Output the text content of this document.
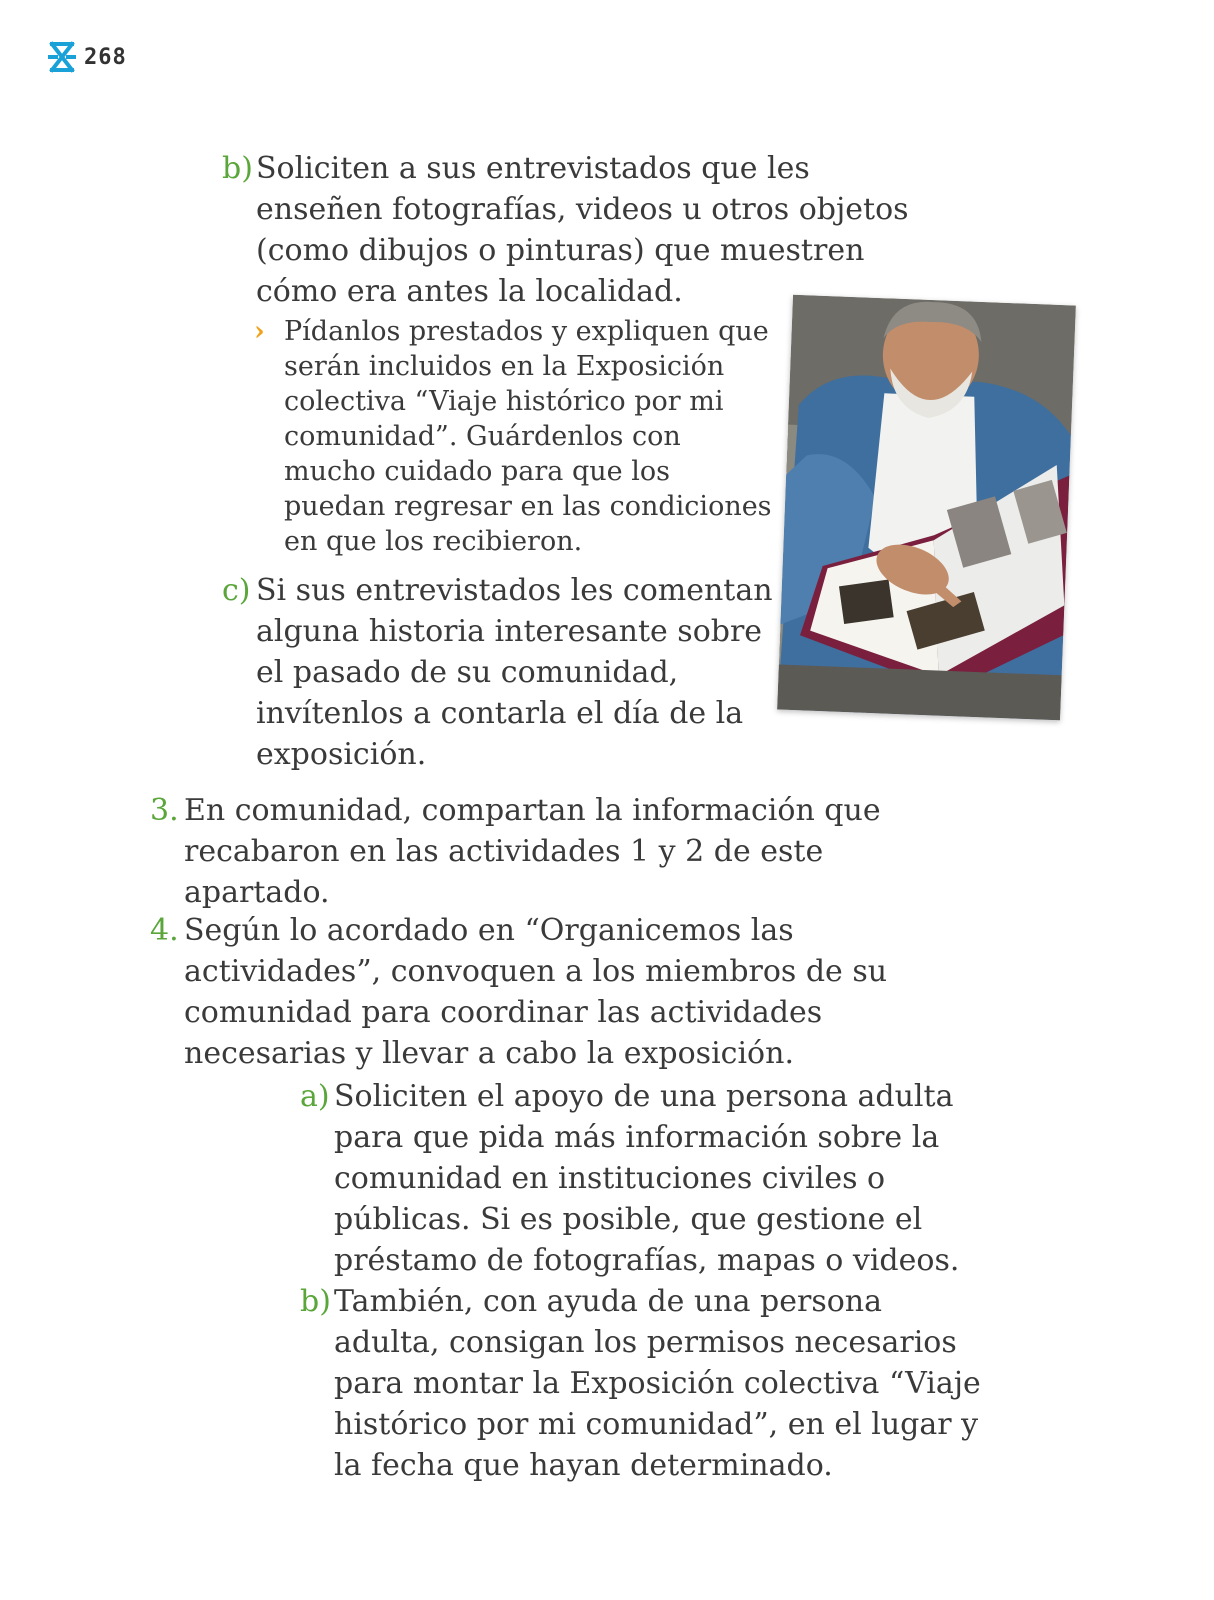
268
b) Soliciten a sus entrevistados que les enseñen fotografías, videos u otros objetos (como dibujos o pinturas) que muestren cómo era antes la localidad.

› Pídanlos prestados y expliquen que serán incluidos en la Exposición colectiva “Viaje histórico por mi comunidad”. Guárdenlos con mucho cuidado para que los puedan regresar en las condiciones en que los recibieron.

c) Si sus entrevistados les comentan alguna historia interesante sobre el pasado de su comunidad, invítenlos a contarla el día de la exposición.

3. En comunidad, compartan la información que recabaron en las actividades 1 y 2 de este apartado.

4. Según lo acordado en “Organicemos las actividades”, convoquen a los miembros de su comunidad para coordinar las actividades necesarias y llevar a cabo la exposición.

a) Soliciten el apoyo de una persona adulta para que pida más información sobre la comunidad en instituciones civiles o públicas. Si es posible, que gestione el préstamo de fotografías, mapas o videos.

b) También, con ayuda de una persona adulta, consigan los permisos necesarios para montar la Exposición colectiva “Viaje histórico por mi comunidad”, en el lugar y la fecha que hayan determinado.
